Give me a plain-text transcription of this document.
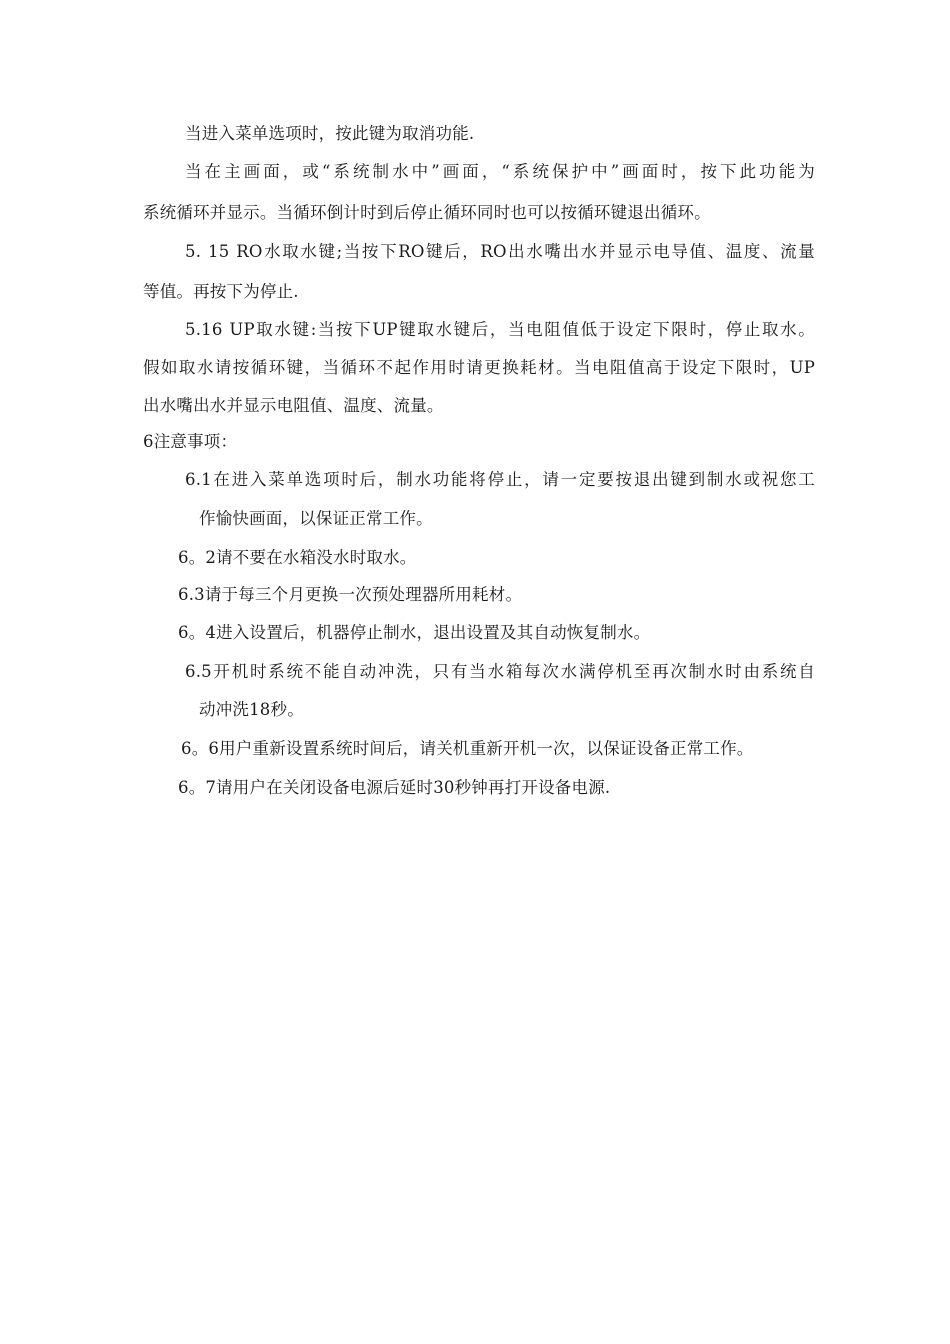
当进入菜单选项时，按此键为取消功能.
当在主画面，或“系统制水中”画面，“系统保护中”画面时，按下此功能为
系统循环并显示。当循环倒计时到后停止循环同时也可以按循环键退出循环。
5. 15 RO水取水键;当按下RO键后，RO出水嘴出水并显示电导值、温度、流量
等值。再按下为停止.
5.16 UP取水键:当按下UP键取水键后，当电阻值低于设定下限时，停止取水。
假如取水请按循环键，当循环不起作用时请更换耗材。当电阻值高于设定下限时，UP
出水嘴出水并显示电阻值、温度、流量。
6注意事项：
6.1在进入菜单选项时后，制水功能将停止，请一定要按退出键到制水或祝您工
作愉快画面，以保证正常工作。
6。2请不要在水箱没水时取水。
6.3请于每三个月更换一次预处理器所用耗材。
6。4进入设置后，机器停止制水，退出设置及其自动恢复制水。
6.5开机时系统不能自动冲洗，只有当水箱每次水满停机至再次制水时由系统自
动冲洗18秒。
6。6用户重新设置系统时间后，请关机重新开机一次，以保证设备正常工作。
6。7请用户在关闭设备电源后延时30秒钟再打开设备电源.
